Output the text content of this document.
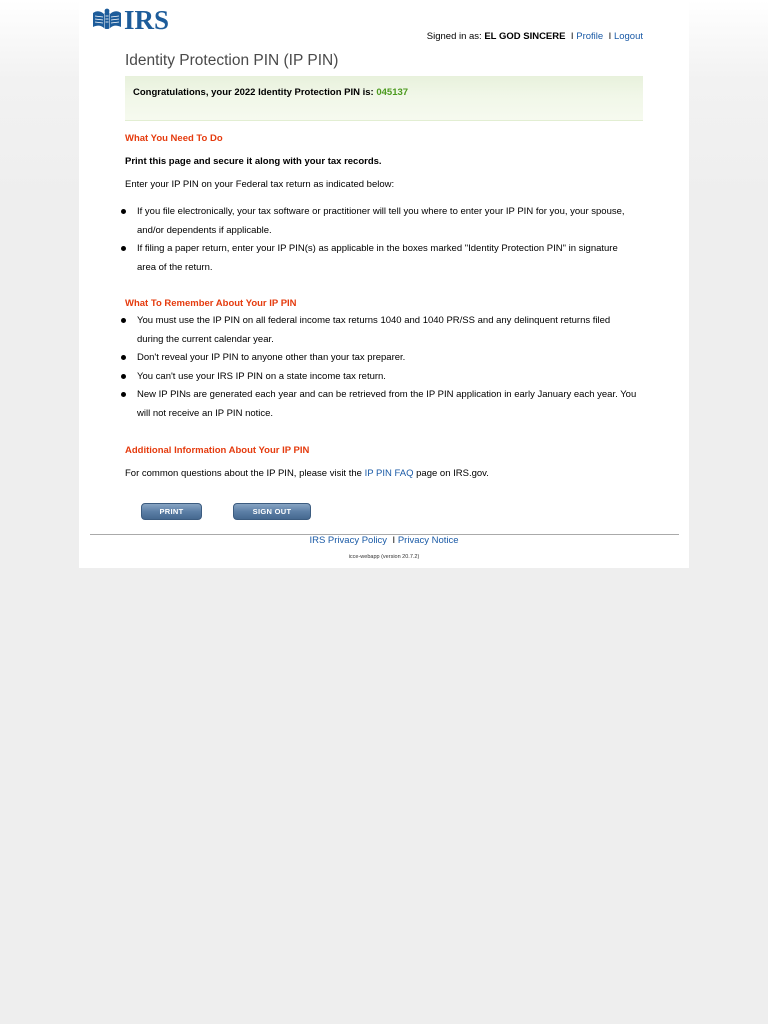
IRS
Signed in as: EL GOD SINCERE l Profile l Logout
Identity Protection PIN (IP PIN)
Congratulations, your 2022 Identity Protection PIN is: 045137
What You Need To Do

Print this page and secure it along with your tax records.

Enter your IP PIN on your Federal tax return as indicated below:

If you file electronically, your tax software or practitioner will tell you where to enter your IP PIN for you, your spouse, and/or dependents if applicable.
If filing a paper return, enter your IP PIN(s) as applicable in the boxes marked "Identity Protection PIN" in signature area of the return.
What To Remember About Your IP PIN
You must use the IP PIN on all federal income tax returns 1040 and 1040 PR/SS and any delinquent returns filed during the current calendar year.
Don't reveal your IP PIN to anyone other than your tax preparer.
You can't use your IRS IP PIN on a state income tax return.
New IP PINs are generated each year and can be retrieved from the IP PIN application in early January each year. You will not receive an IP PIN notice.
Additional Information About Your IP PIN

For common questions about the IP PIN, please visit the IP PIN FAQ page on IRS.gov.

PRINT	SIGN OUT
IRS Privacy Policy l Privacy Notice
icce-webapp (version 20.7.2)
